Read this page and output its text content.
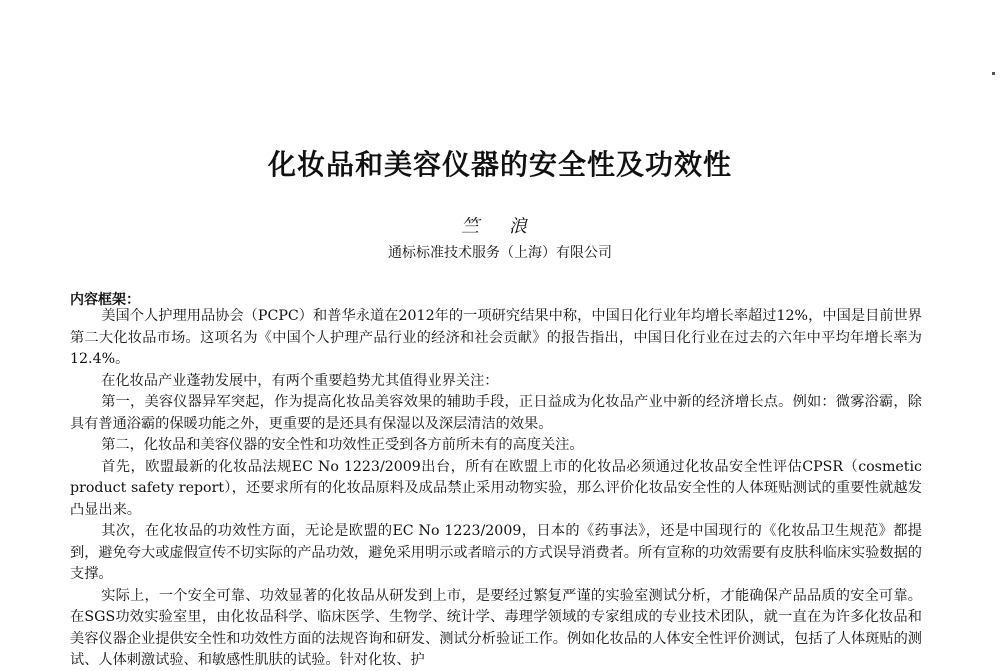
化妆品和美容仪器的安全性及功效性
竺 浪
通标标准技术服务（上海）有限公司
内容框架：

美国个人护理用品协会（PCPC）和普华永道在2012年的一项研究结果中称，中国日化行业年均增长率超过12%，中国是目前世界第二大化妆品市场。这项名为《中国个人护理产品行业的经济和社会贡献》的报告指出，中国日化行业在过去的六年中平均年增长率为12.4%。

在化妆品产业蓬勃发展中，有两个重要趋势尤其值得业界关注：

第一，美容仪器异军突起，作为提高化妆品美容效果的辅助手段，正日益成为化妆品产业中新的经济增长点。例如：微雾浴霸，除具有普通浴霸的保暖功能之外，更重要的是还具有保湿以及深层清洁的效果。

第二，化妆品和美容仪器的安全性和功效性正受到各方前所未有的高度关注。

首先，欧盟最新的化妆品法规EC No 1223/2009出台，所有在欧盟上市的化妆品必须通过化妆品安全性评估CPSR（cosmetic product safety report），还要求所有的化妆品原料及成品禁止采用动物实验，那么评价化妆品安全性的人体斑贴测试的重要性就越发凸显出来。

其次，在化妆品的功效性方面，无论是欧盟的EC No 1223/2009，日本的《药事法》，还是中国现行的《化妆品卫生规范》都提到，避免夸大或虚假宣传不切实际的产品功效，避免采用明示或者暗示的方式误导消费者。所有宣称的功效需要有皮肤科临床实验数据的支撑。

实际上，一个安全可靠、功效显著的化妆品从研发到上市，是要经过繁复严谨的实验室测试分析，才能确保产品品质的安全可靠。在SGS功效实验室里，由化妆品科学、临床医学、生物学、统计学、毒理学领域的专家组成的专业技术团队，就一直在为许多化妆品和美容仪器企业提供安全性和功效性方面的法规咨询和研发、测试分析验证工作。例如化妆品的人体安全性评价测试，包括了人体斑贴的测试、人体刺激试验、和敏感性肌肤的试验。针对化妆、护
